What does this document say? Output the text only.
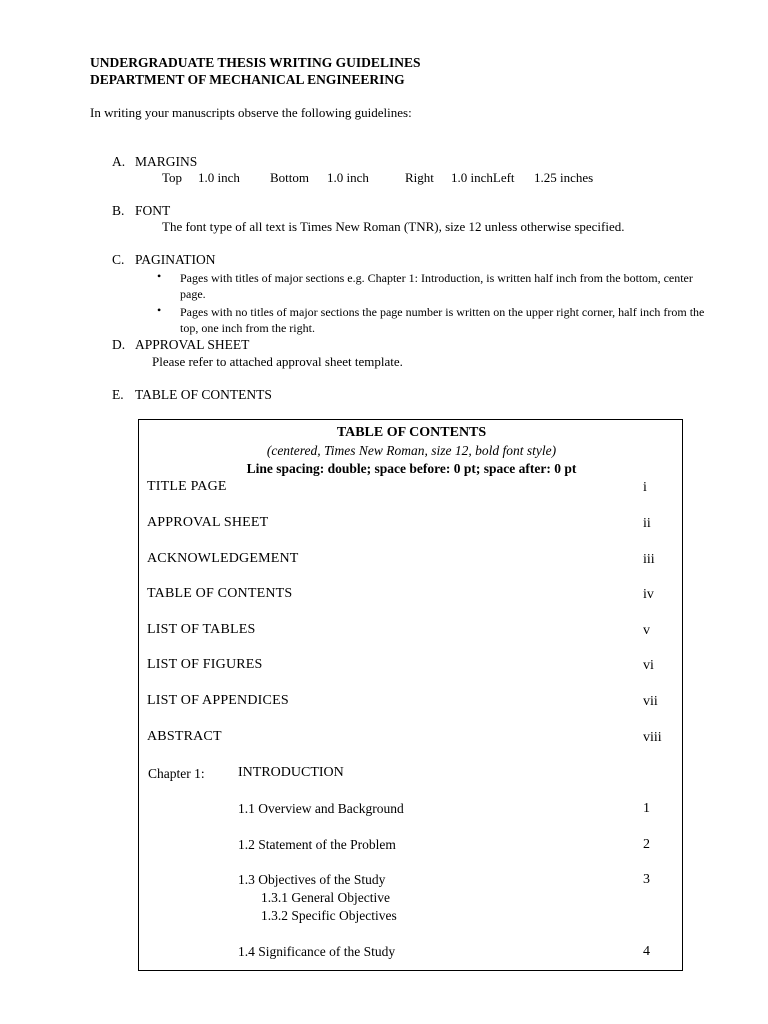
UNDERGRADUATE THESIS WRITING GUIDELINES
DEPARTMENT OF MECHANICAL ENGINEERING
In writing your manuscripts observe the following guidelines:
A. MARGINS
Top 1.0 inch Bottom 1.0 inch	Right 1.0 inchLeft 1.25 inches
B. FONT
The font type of all text is Times New Roman (TNR), size 12 unless otherwise specified.
C. PAGINATION
• Pages with titles of major sections e.g. Chapter 1: Introduction, is written half inch from the bottom, center page.
• Pages with no titles of major sections the page number is written on the upper right corner, half inch from the top, one inch from the right.
D. APPROVAL SHEET
Please refer to attached approval sheet template.
E. TABLE OF CONTENTS
TABLE OF CONTENTS
(centered, Times New Roman, size 12, bold font style)
Line spacing: double; space before: 0 pt; space after: 0 pt
TITLE PAGE	i
APPROVAL SHEET	ii
ACKNOWLEDGEMENT	iii
TABLE OF CONTENTS	iv
LIST OF TABLES	v
LIST OF FIGURES	vi
LIST OF APPENDICES	vii
ABSTRACT	viii
Chapter 1: INTRODUCTION
1.1 Overview and Background	1
1.2 Statement of the Problem	2
1.3 Objectives of the Study	3
1.3.1 General Objective
1.3.2 Specific Objectives
1.4 Significance of the Study	4
